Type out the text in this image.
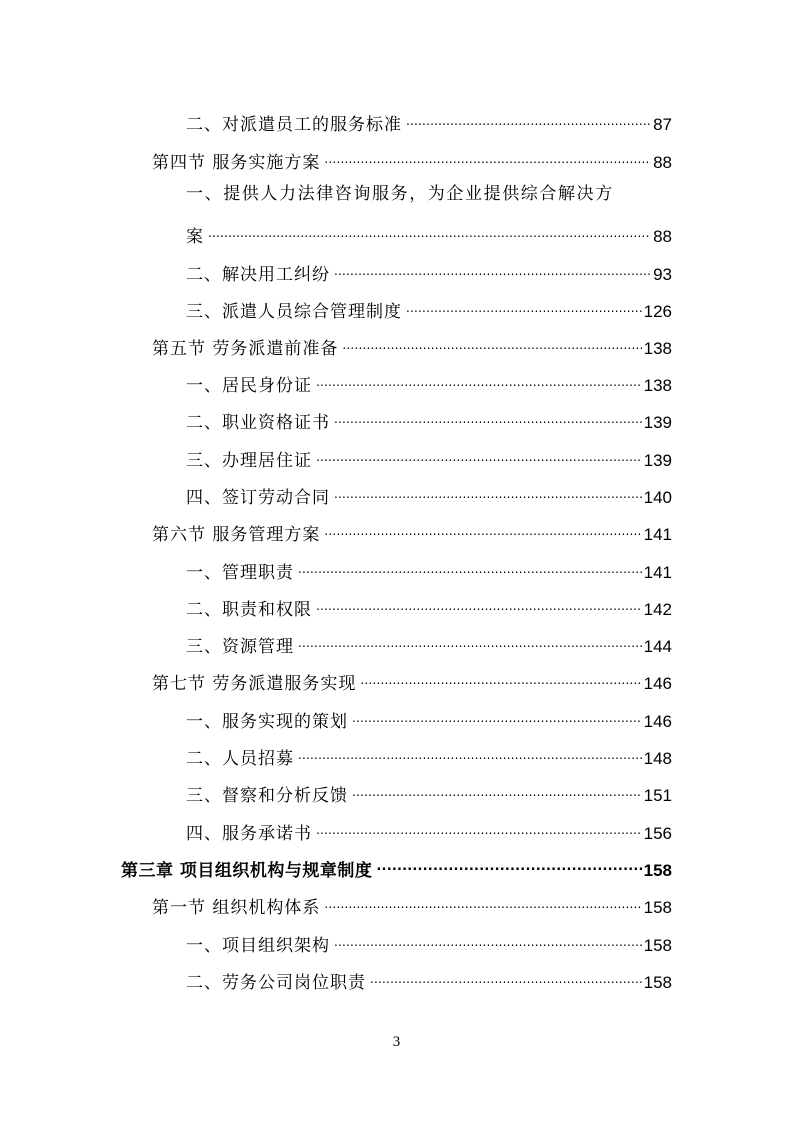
二、对派遣员工的服务标准 .....	87
第四节 服务实施方案 .....	88
一、提供人力法律咨询服务，为企业提供综合解决方
案 .....	88
二、解决用工纠纷 .....	93
三、派遣人员综合管理制度 .....	126
第五节 劳务派遣前准备 .....	138
一、居民身份证 .....	138
二、职业资格证书 .....	139
三、办理居住证 .....	139
四、签订劳动合同 .....	140
第六节 服务管理方案 .....	141
一、管理职责 .....	141
二、职责和权限 .....	142
三、资源管理 .....	144
第七节 劳务派遣服务实现 .....	146
一、服务实现的策划 .....	146
二、人员招募 .....	148
三、督察和分析反馈 .....	151
四、服务承诺书 .....	156
第三章 项目组织机构与规章制度 .....	158
第一节 组织机构体系 .....	158
一、项目组织架构 .....	158
二、劳务公司岗位职责 .....	158
3
